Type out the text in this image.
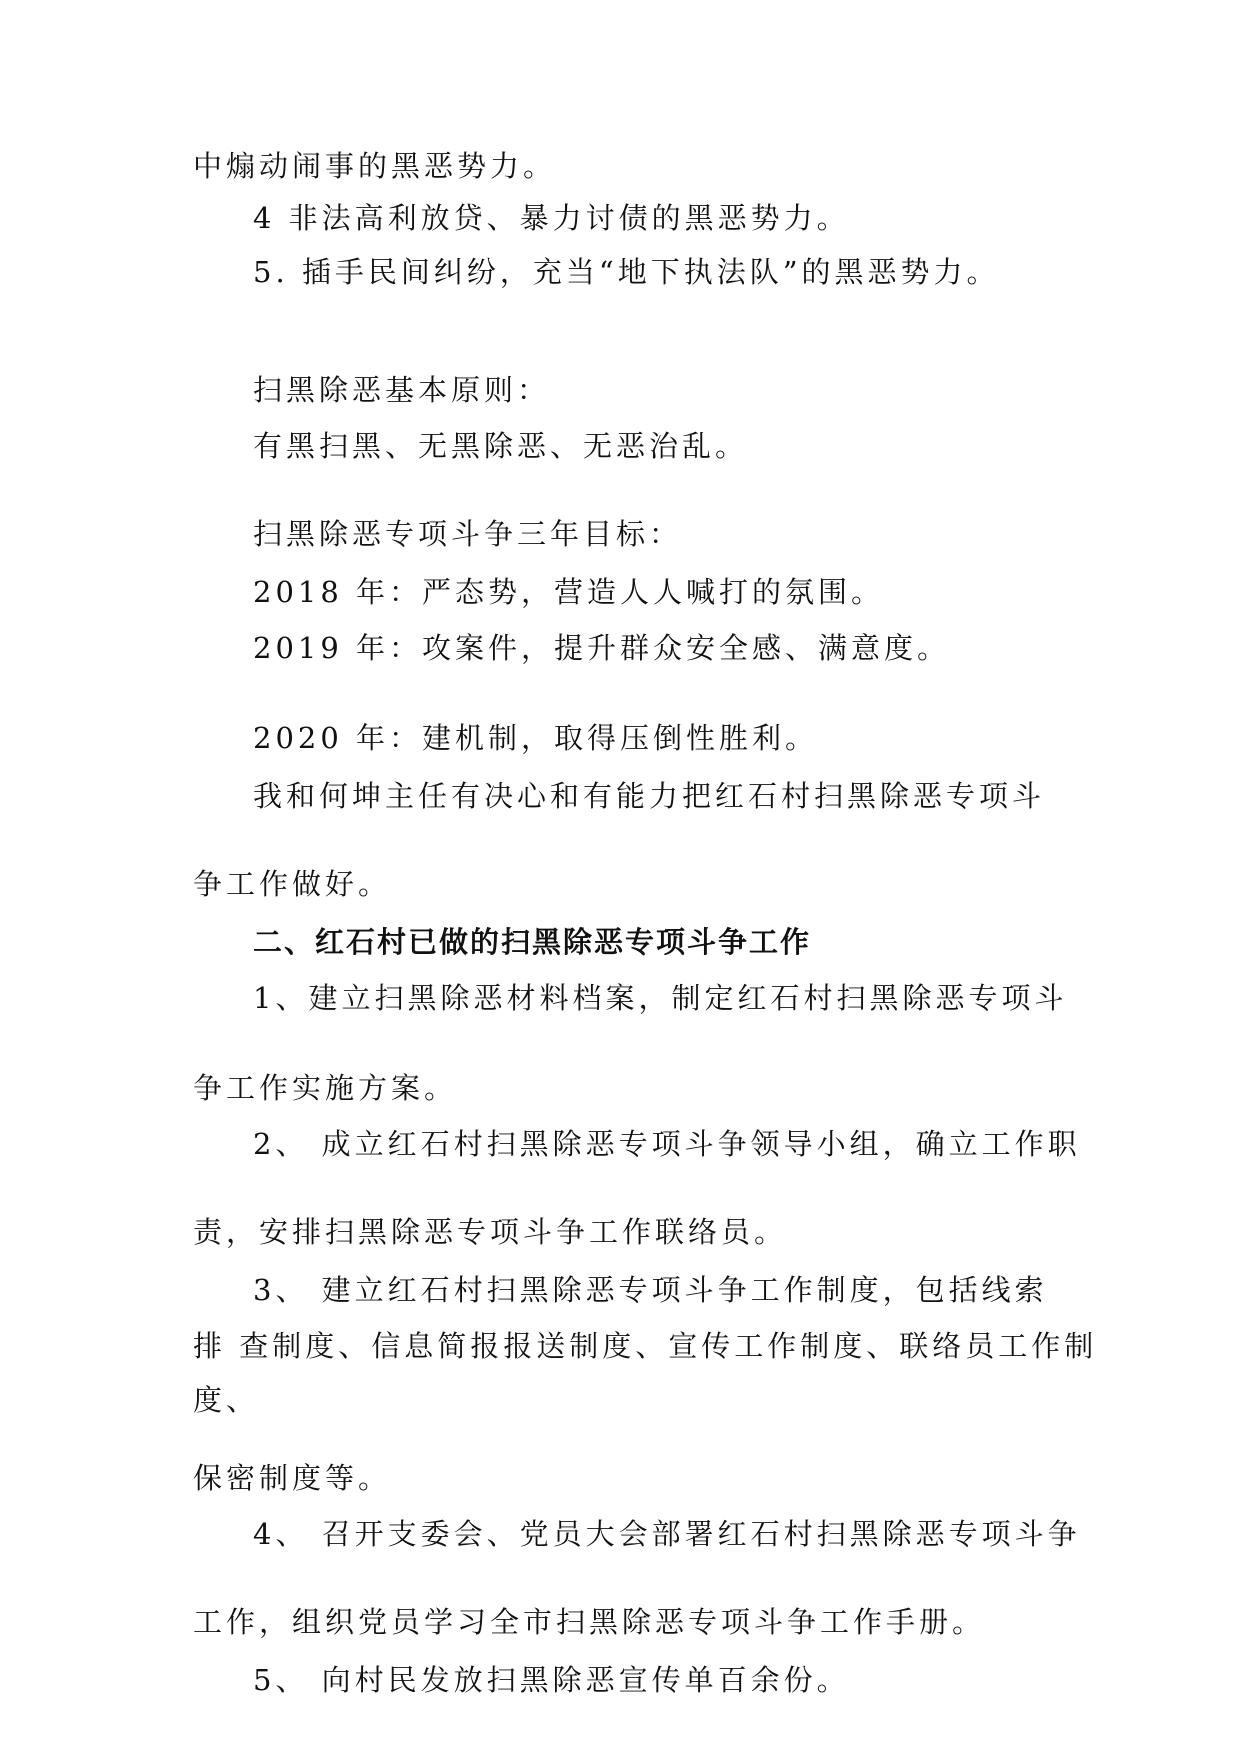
中煽动闹事的黑恶势力。
4 非法高利放贷、暴力讨债的黑恶势力。
5. 插手民间纠纷，充当“地下执法队”的黑恶势力。
扫黑除恶基本原则：
有黑扫黑、无黑除恶、无恶治乱。
扫黑除恶专项斗争三年目标：
2018 年：严态势，营造人人喊打的氛围。
2019 年：攻案件，提升群众安全感、满意度。
2020 年：建机制，取得压倒性胜利。
我和何坤主任有决心和有能力把红石村扫黑除恶专项斗
争工作做好。
二、红石村已做的扫黑除恶专项斗争工作
1、建立扫黑除恶材料档案，制定红石村扫黑除恶专项斗
争工作实施方案。
2、 成立红石村扫黑除恶专项斗争领导小组，确立工作职
责，安排扫黑除恶专项斗争工作联络员。
3、 建立红石村扫黑除恶专项斗争工作制度，包括线索
排 查制度、信息简报报送制度、宣传工作制度、联络员工作制
度、
保密制度等。
4、 召开支委会、党员大会部署红石村扫黑除恶专项斗争
工作，组织党员学习全市扫黑除恶专项斗争工作手册。
5、 向村民发放扫黑除恶宣传单百余份。
